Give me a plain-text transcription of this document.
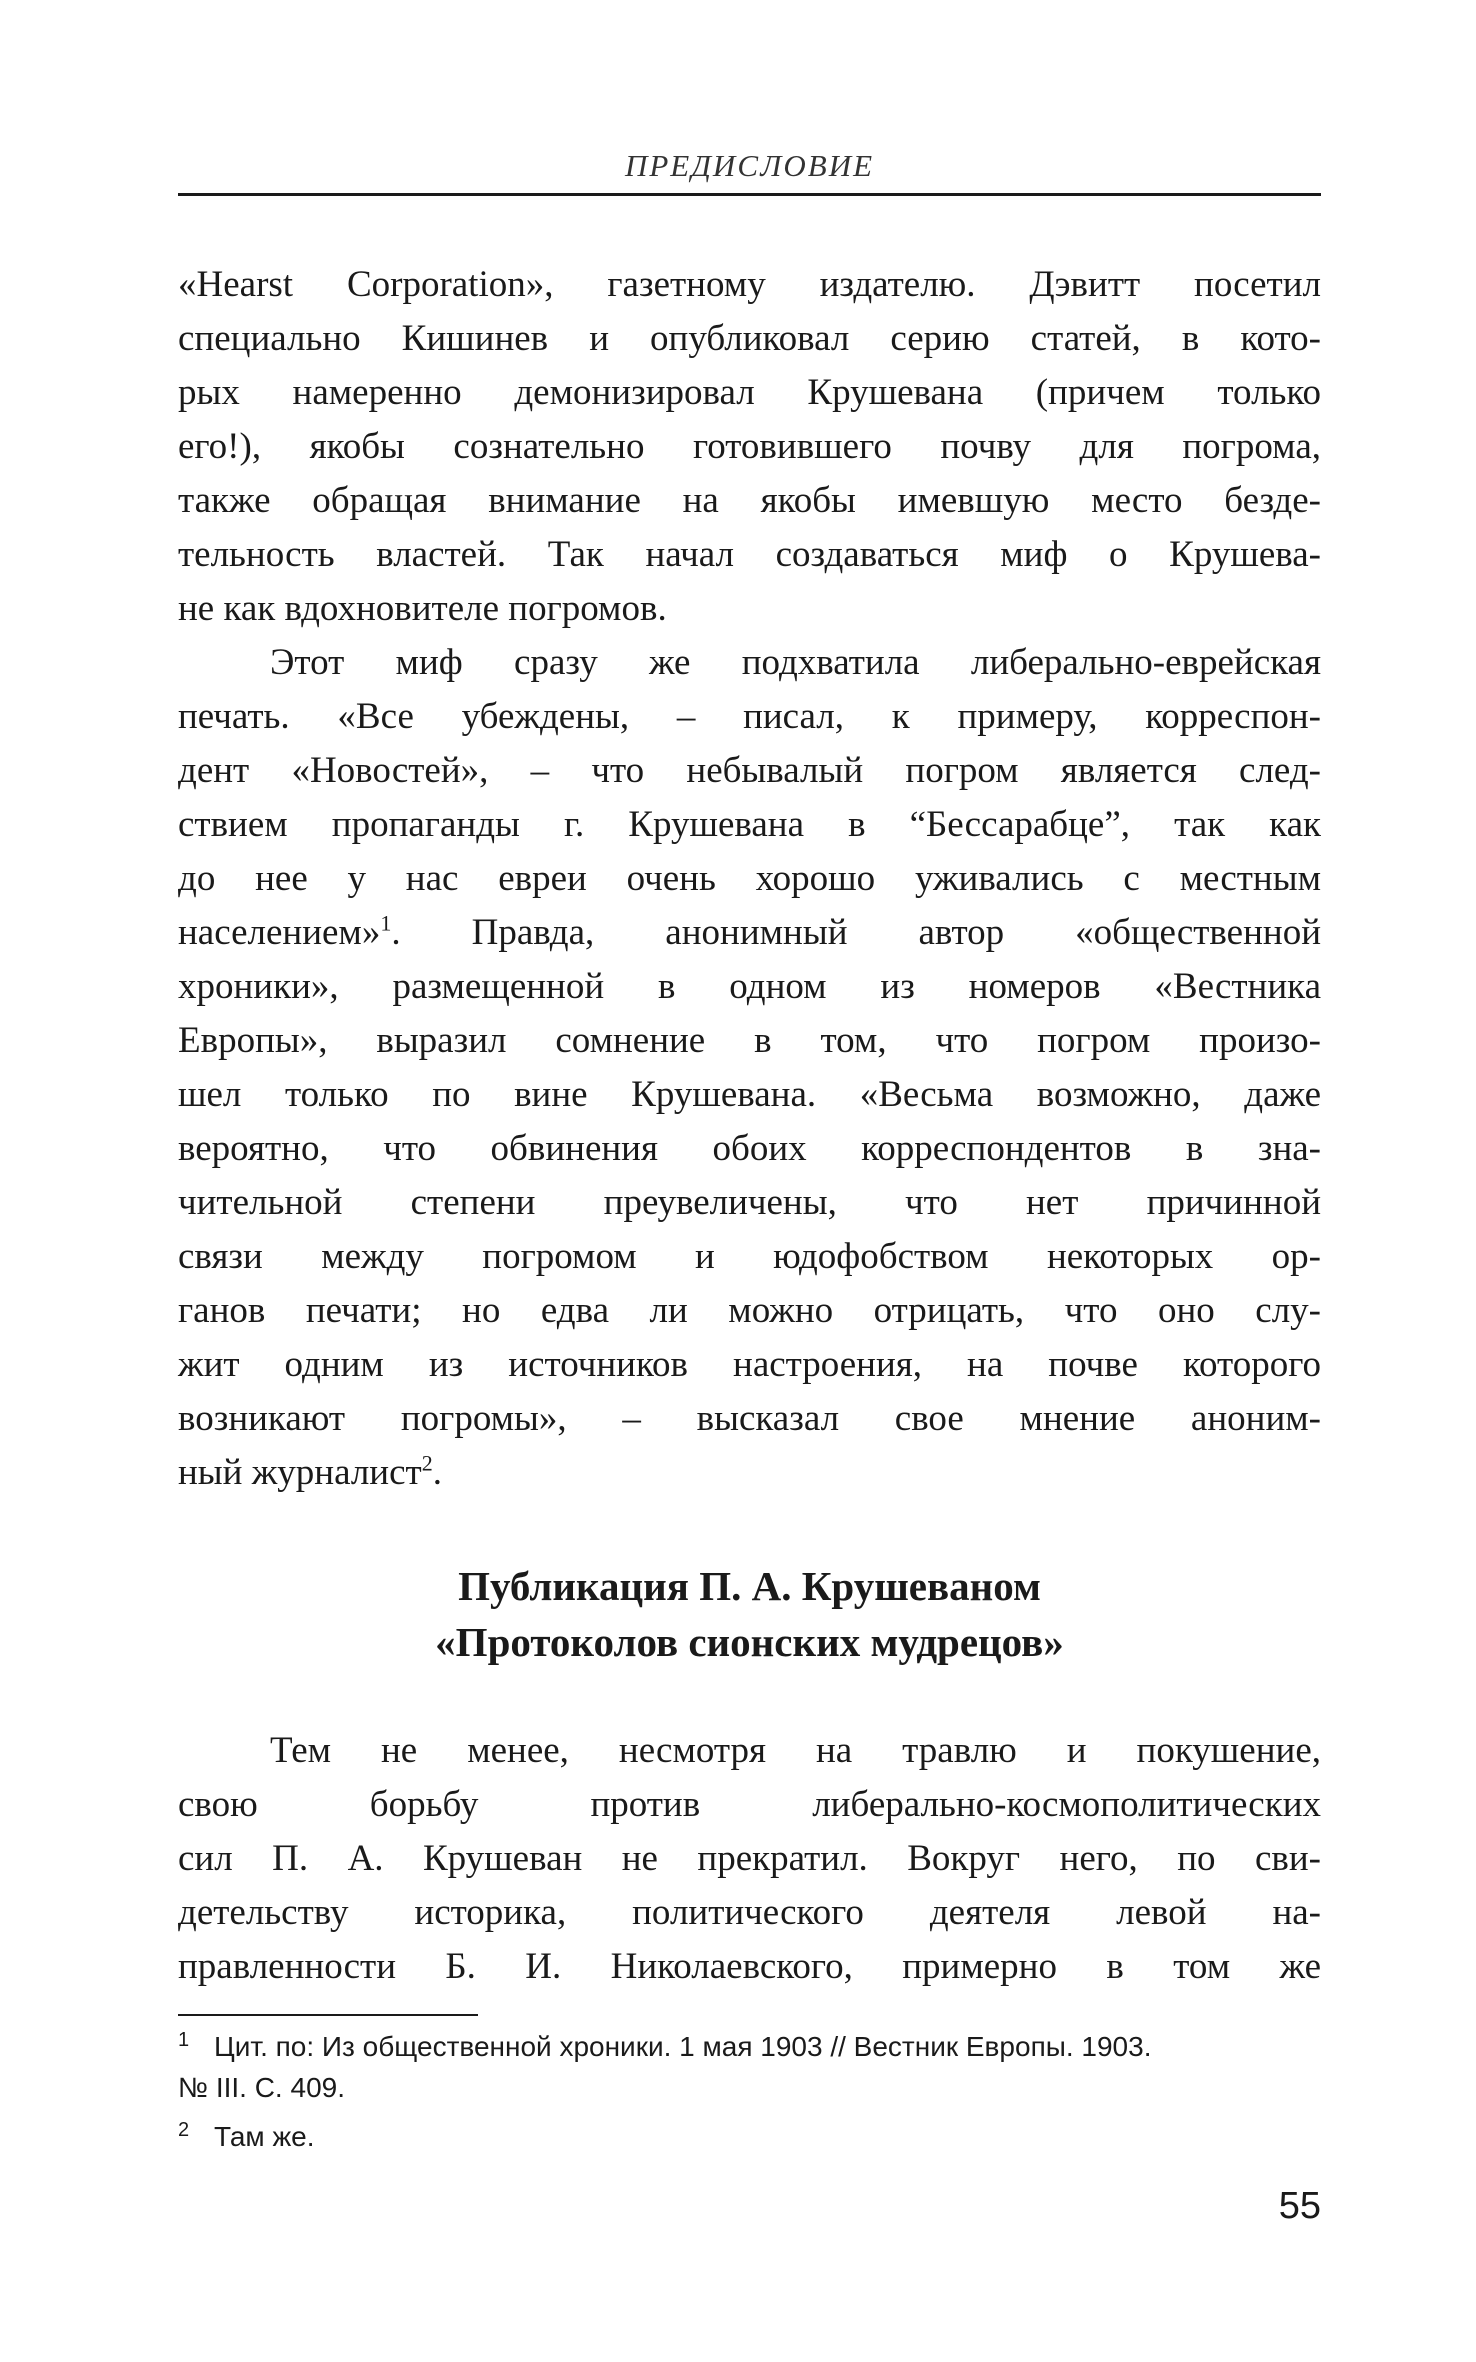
ПРЕДИСЛОВИЕ
«Hearst Corporation», газетному издателю. Дэвитт посетил
специально Кишинев и опубликовал серию статей, в кото-
рых намеренно демонизировал Крушевана (причем только
его!), якобы сознательно готовившего почву для погрома,
также обращая внимание на якобы имевшую место безде-
тельность властей. Так начал создаваться миф о Крушева-
не как вдохновителе погромов.
Этот миф сразу же подхватила либерально-еврейская
печать. «Все убеждены, – писал, к примеру, корреспон-
дент «Новостей», – что небывалый погром является след-
ствием пропаганды г. Крушевана в “Бессарабце”, так как
до нее у нас евреи очень хорошо уживались с местным
населением»$^1$. Правда, анонимный автор «общественной
хроники», размещенной в одном из номеров «Вестника
Европы», выразил сомнение в том, что погром произо-
шел только по вине Крушевана. «Весьма возможно, даже
вероятно, что обвинения обоих корреспондентов в зна-
чительной степени преувеличены, что нет причинной
связи между погромом и юдофобством некоторых ор-
ганов печати; но едва ли можно отрицать, что оно слу-
жит одним из источников настроения, на почве которого
возникают погромы», – высказал свое мнение аноним-
ный журналист$^2$.
Публикация П. А. Крушеваном
«Протоколов сионских мудрецов»
Тем не менее, несмотря на травлю и покушение,
свою борьбу против либерально-космополитических
сил П. А. Крушеван не прекратил. Вокруг него, по сви-
детельству историка, политического деятеля левой на-
правленности Б. И. Николаевского, примерно в том же
1 Цит. по: Из общественной хроники. 1 мая 1903 // Вестник Европы. 1903.
№ III. С. 409.
2 Там же.
55
